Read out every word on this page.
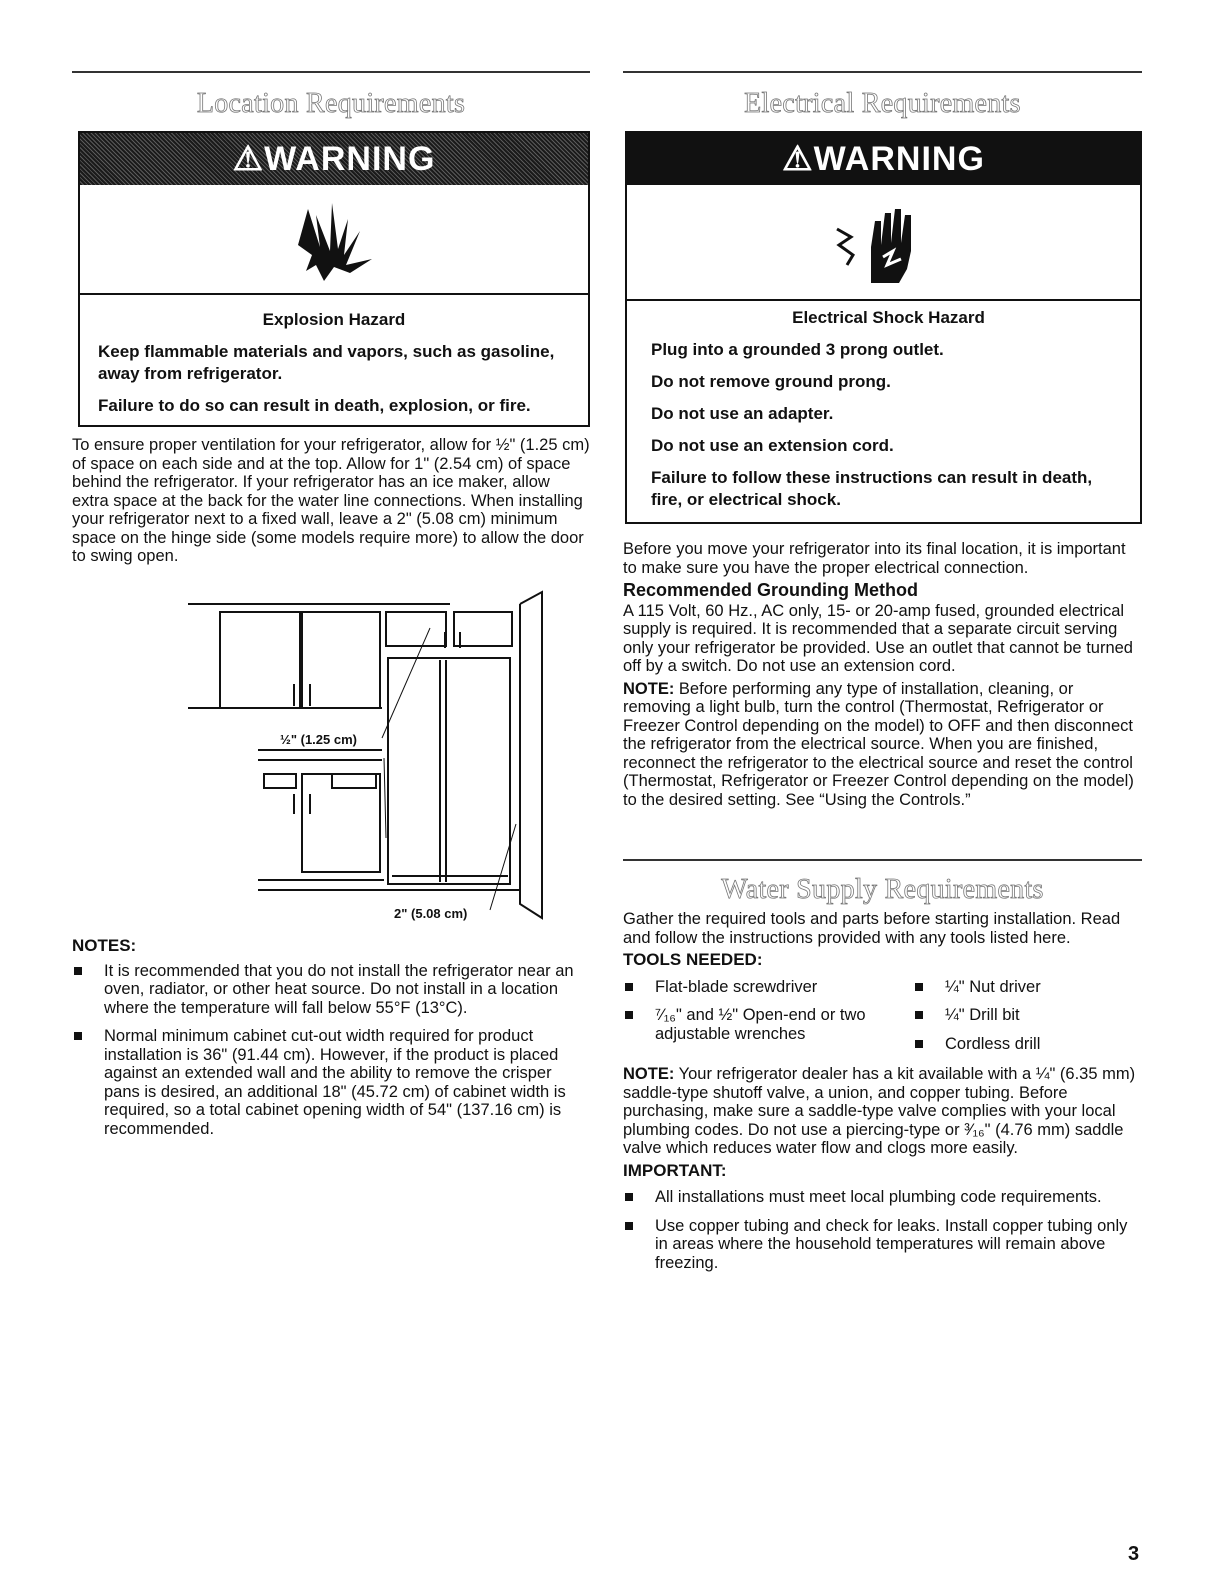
Location Requirements
⚠WARNING

Explosion Hazard

Keep flammable materials and vapors, such as gasoline, away from refrigerator.

Failure to do so can result in death, explosion, or fire.

To ensure proper ventilation for your refrigerator, allow for ½" (1.25 cm) of space on each side and at the top. Allow for 1" (2.54 cm) of space behind the refrigerator. If your refrigerator has an ice maker, allow extra space at the back for the water line connections. When installing your refrigerator next to a fixed wall, leave a 2" (5.08 cm) minimum space on the hinge side (some models require more) to allow the door to swing open.

½" (1.25 cm)
2" (5.08 cm)
NOTES:
It is recommended that you do not install the refrigerator near an oven, radiator, or other heat source. Do not install in a location where the temperature will fall below 55°F (13°C).
Normal minimum cabinet cut-out width required for product installation is 36" (91.44 cm). However, if the product is placed against an extended wall and the ability to remove the crisper pans is desired, an additional 18" (45.72 cm) of cabinet width is required, so a total cabinet opening width of 54" (137.16 cm) is recommended.
Electrical Requirements
⚠WARNING

Electrical Shock Hazard

Plug into a grounded 3 prong outlet.

Do not remove ground prong.

Do not use an adapter.

Do not use an extension cord.

Failure to follow these instructions can result in death, fire, or electrical shock.

Before you move your refrigerator into its final location, it is important to make sure you have the proper electrical connection.

Recommended Grounding Method

A 115 Volt, 60 Hz., AC only, 15- or 20-amp fused, grounded electrical supply is required. It is recommended that a separate circuit serving only your refrigerator be provided. Use an outlet that cannot be turned off by a switch. Do not use an extension cord.

NOTE: Before performing any type of installation, cleaning, or removing a light bulb, turn the control (Thermostat, Refrigerator or Freezer Control depending on the model) to OFF and then disconnect the refrigerator from the electrical source. When you are finished, reconnect the refrigerator to the electrical source and reset the control (Thermostat, Refrigerator or Freezer Control depending on the model) to the desired setting. See “Using the Controls.”

Water Supply Requirements

Gather the required tools and parts before starting installation. Read and follow the instructions provided with any tools listed here.

TOOLS NEEDED:
Flat-blade screwdriver
⁷⁄₁₆" and ½" Open-end or two adjustable wrenches
¼" Nut driver
¼" Drill bit
Cordless drill

NOTE: Your refrigerator dealer has a kit available with a ¼" (6.35 mm) saddle-type shutoff valve, a union, and copper tubing. Before purchasing, make sure a saddle-type valve complies with your local plumbing codes. Do not use a piercing-type or ³⁄₁₆" (4.76 mm) saddle valve which reduces water flow and clogs more easily.

IMPORTANT:
All installations must meet local plumbing code requirements.
Use copper tubing and check for leaks. Install copper tubing only in areas where the household temperatures will remain above freezing.
3
